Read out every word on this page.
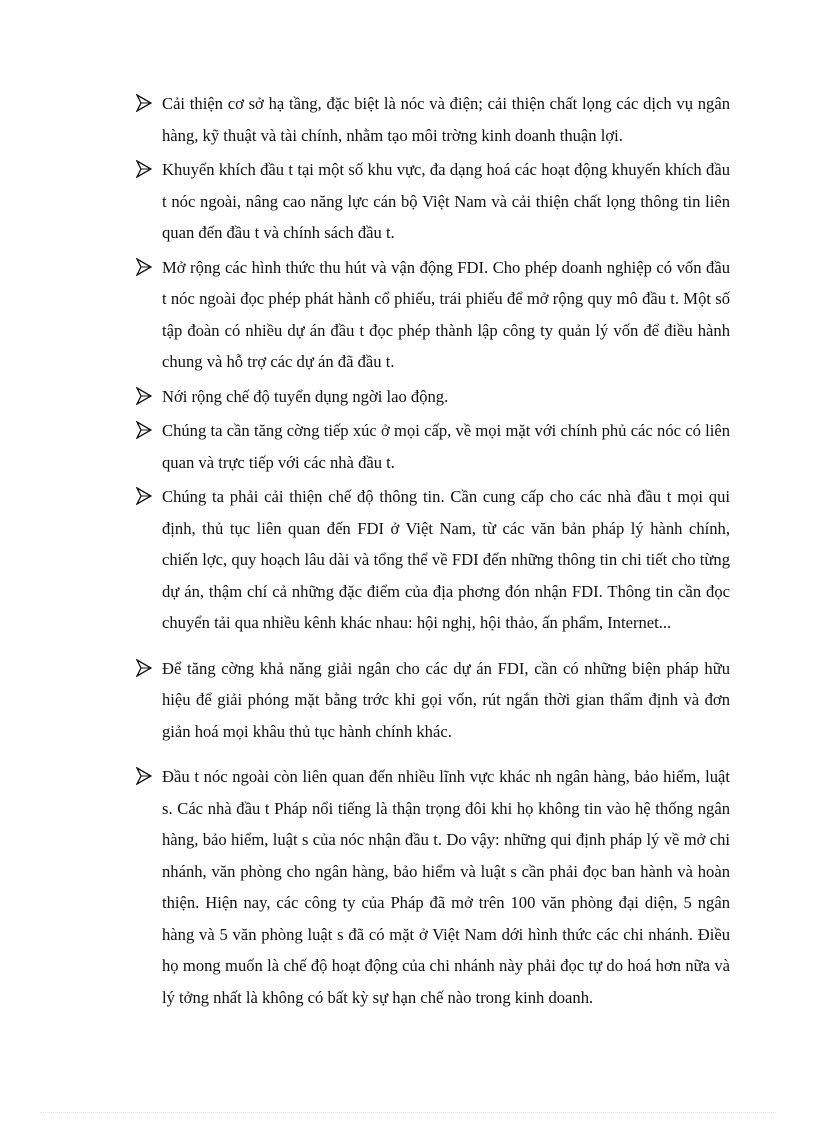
Cải thiện cơ sở hạ tầng, đặc biệt là nóc và điện; cải thiện chất lọng các dịch vụ ngân hàng, kỹ thuật và tài chính, nhằm tạo môi trờng kinh doanh thuận lợi.
Khuyến khích đầu t tại một số khu vực, đa dạng hoá các hoạt động khuyến khích đầu t nóc ngoài, nâng cao năng lực cán bộ Việt Nam và cải thiện chất lọng thông tin liên quan đến đầu t và chính sách đầu t.
Mở rộng các hình thức thu hút và vận động FDI. Cho phép doanh nghiệp có vốn đầu t nóc ngoài đọc phép phát hành cổ phiếu, trái phiếu để mở rộng quy mô đầu t. Một số tập đoàn có nhiều dự án đầu t đọc phép thành lập công ty quản lý vốn để điều hành chung và hỗ trợ các dự án đã đầu t.
Nới rộng chế độ tuyển dụng ngời lao động.
Chúng ta cần tăng cờng tiếp xúc ở mọi cấp, về mọi mặt với chính phủ các nóc có liên quan và trực tiếp với các nhà đầu t.
Chúng ta phải cải thiện chế độ thông tin. Cần cung cấp cho các nhà đầu t mọi qui định, thủ tục liên quan đến FDI ở Việt Nam, từ các văn bản pháp lý hành chính, chiến lợc, quy hoạch lâu dài và tổng thể về FDI đến những thông tin chi tiết cho từng dự án, thậm chí cả những đặc điểm của địa phơng đón nhận FDI. Thông tin cần đọc chuyển tải qua nhiều kênh khác nhau: hội nghị, hội thảo, ấn phẩm, Internet...
Để tăng cờng khả năng giải ngân cho các dự án FDI, cần có những biện pháp hữu hiệu để giải phóng mặt bằng trớc khi gọi vốn, rút ngắn thời gian thẩm định và đơn giản hoá mọi khâu thủ tục hành chính khác.
Đầu t nóc ngoài còn liên quan đến nhiều lĩnh vực khác nh ngân hàng, bảo hiểm, luật s. Các nhà đầu t Pháp nổi tiếng là thận trọng đôi khi họ không tin vào hệ thống ngân hàng, bảo hiểm, luật s của nóc nhận đầu t. Do vậy: những qui định pháp lý về mở chi nhánh, văn phòng cho ngân hàng, bảo hiểm và luật s cần phải đọc ban hành và hoàn thiện. Hiện nay, các công ty của Pháp đã mở trên 100 văn phòng đại diện, 5 ngân hàng và 5 văn phòng luật s đã có mặt ở Việt Nam dới hình thức các chi nhánh. Điều họ mong muốn là chế độ hoạt động của chi nhánh này phải đọc tự do hoá hơn nữa và lý tởng nhất là không có bất kỳ sự hạn chế nào trong kinh doanh.
